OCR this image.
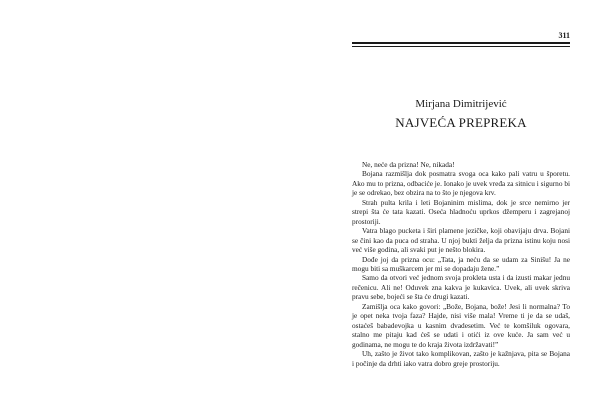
311
Mirjana Dimitrijević
NAJVEĆA PREPREKA

Ne, neće da prizna! Ne, nikada!

Bojana razmišlja dok posmatra svoga oca kako pali vatru u šporetu. Ako mu to prizna, odbaciće je. Ionako je uvek vređa za sitnicu i sigurno bi je se odrekao, bez obzira na to što je njegova krv.

Strah pulta krila i leti Bojaninim mislima, dok je srce nemirno jer strepi šta će tata kazati. Oseća hladnoću uprkos džemperu i zagrejanoj prostoriji.

Vatra blago pucketa i širi plamene jezičke, koji obavijaju drva. Bojani se čini kao da puca od straha. U njoj bukti želja da prizna istinu koju nosi već više godina, ali svaki put je nešto blokira.

Dođe joj da prizna ocu: „Tata, ja neću da se udam za Sinišu! Ja ne mogu biti sa muškarcem jer mi se dopadaju žene.”

Samo da otvori već jednom svoja prokleta usta i da izusti makar jednu rečenicu. Ali ne! Oduvek zna kakva je kukavica. Uvek, ali uvek skriva pravu sebe, bojeći se šta će drugi kazati.

Zamišlja oca kako govori: „Bože, Bojana, bože! Jesi li normalna? To je opet neka tvoja faza? Hajde, nisi više mala! Vreme ti je da se udaš, ostaćeš babadevojka u kasnim dvadesetim. Već te komšiluk ogovara, stalno me pitaju kad ćeš se udati i otići iz ove kuće. Ja sam već u godinama, ne mogu te do kraja života izdržavati!”

Uh, zašto je život tako komplikovan, zašto je kažnjava, pita se Bojana i počinje da drhti iako vatra dobro greje prostoriju.
